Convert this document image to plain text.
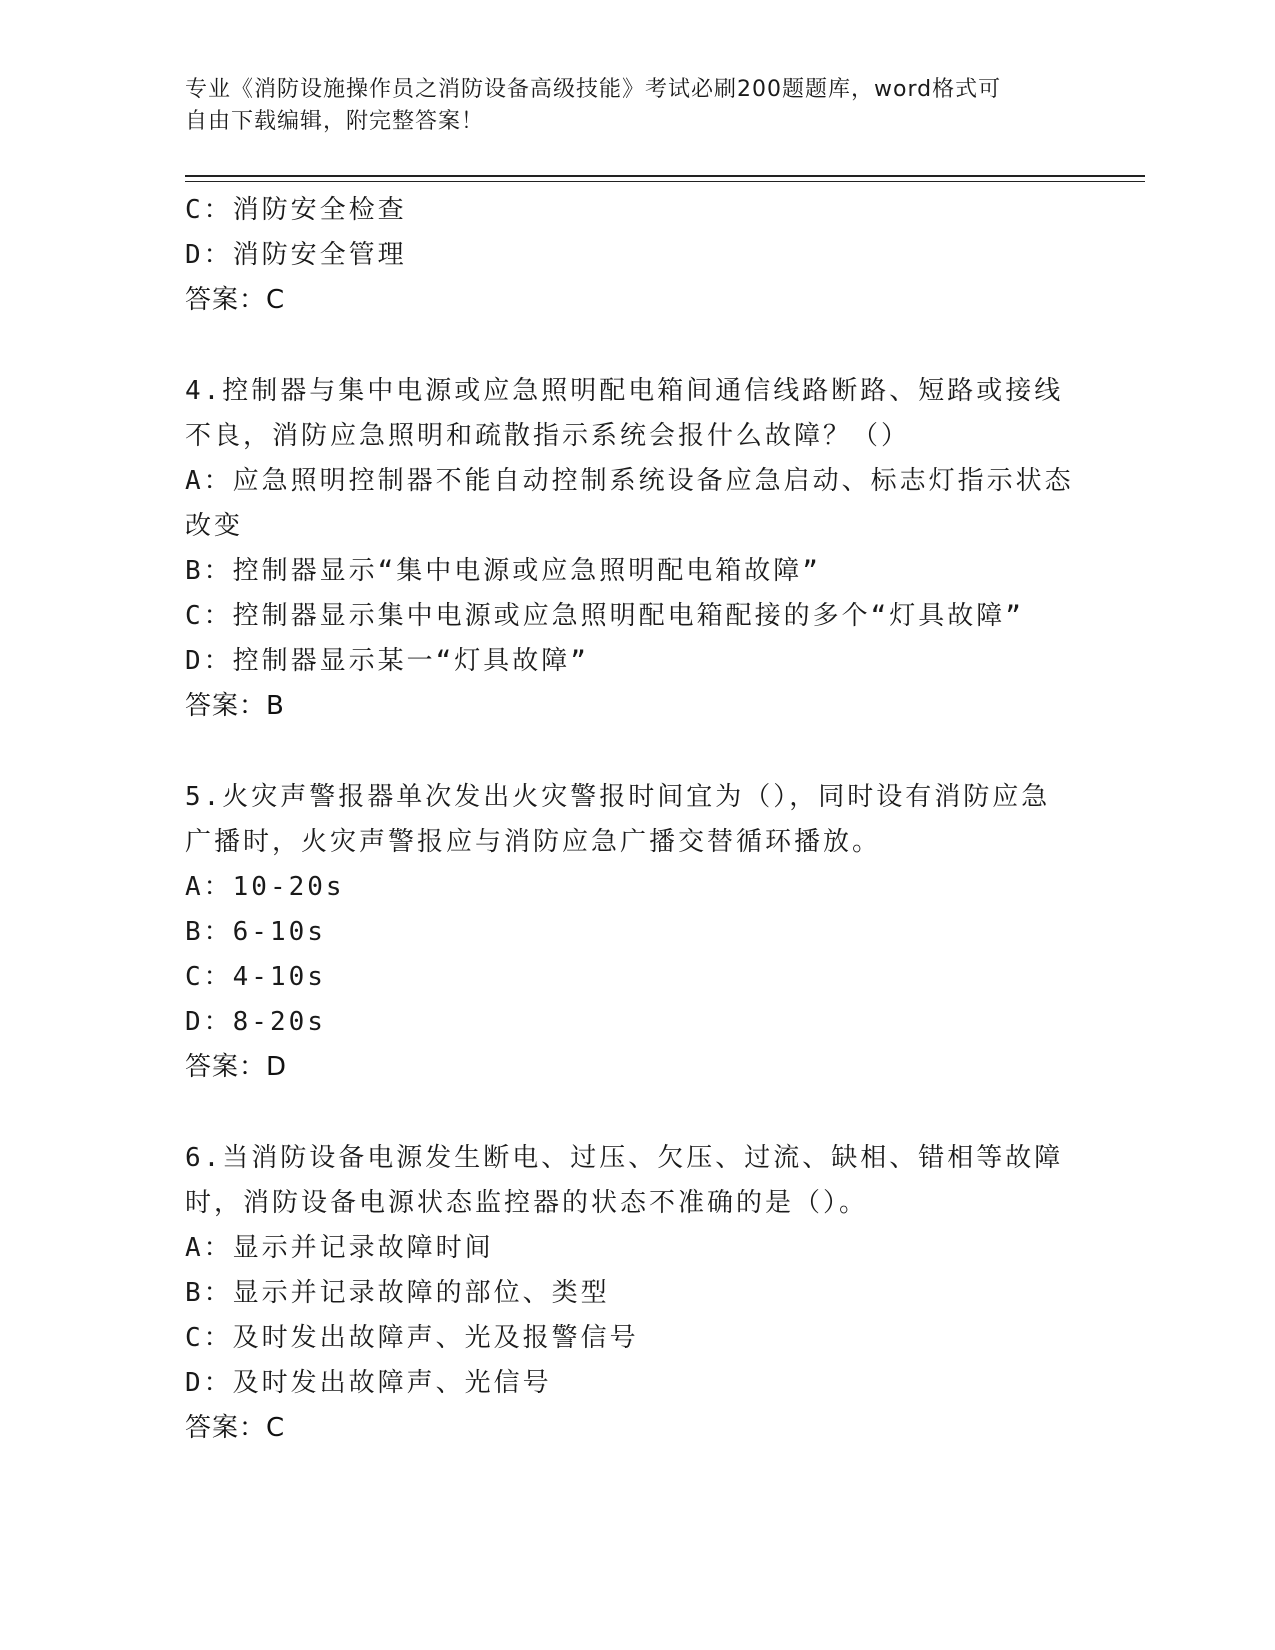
专业《消防设施操作员之消防设备高级技能》考试必刷200题题库，word格式可
自由下载编辑，附完整答案！
C：消防安全检查
D：消防安全管理
答案：C
4.控制器与集中电源或应急照明配电箱间通信线路断路、短路或接线
不良，消防应急照明和疏散指示系统会报什么故障？（）
A：应急照明控制器不能自动控制系统设备应急启动、标志灯指示状态
改变
B：控制器显示“集中电源或应急照明配电箱故障”
C：控制器显示集中电源或应急照明配电箱配接的多个“灯具故障”
D：控制器显示某一“灯具故障”
答案：B
5.火灾声警报器单次发出火灾警报时间宜为（），同时设有消防应急
广播时，火灾声警报应与消防应急广播交替循环播放。
A：10-20s
B：6-10s
C：4-10s
D：8-20s
答案：D
6.当消防设备电源发生断电、过压、欠压、过流、缺相、错相等故障
时，消防设备电源状态监控器的状态不准确的是（）。
A：显示并记录故障时间
B：显示并记录故障的部位、类型
C：及时发出故障声、光及报警信号
D：及时发出故障声、光信号
答案：C
